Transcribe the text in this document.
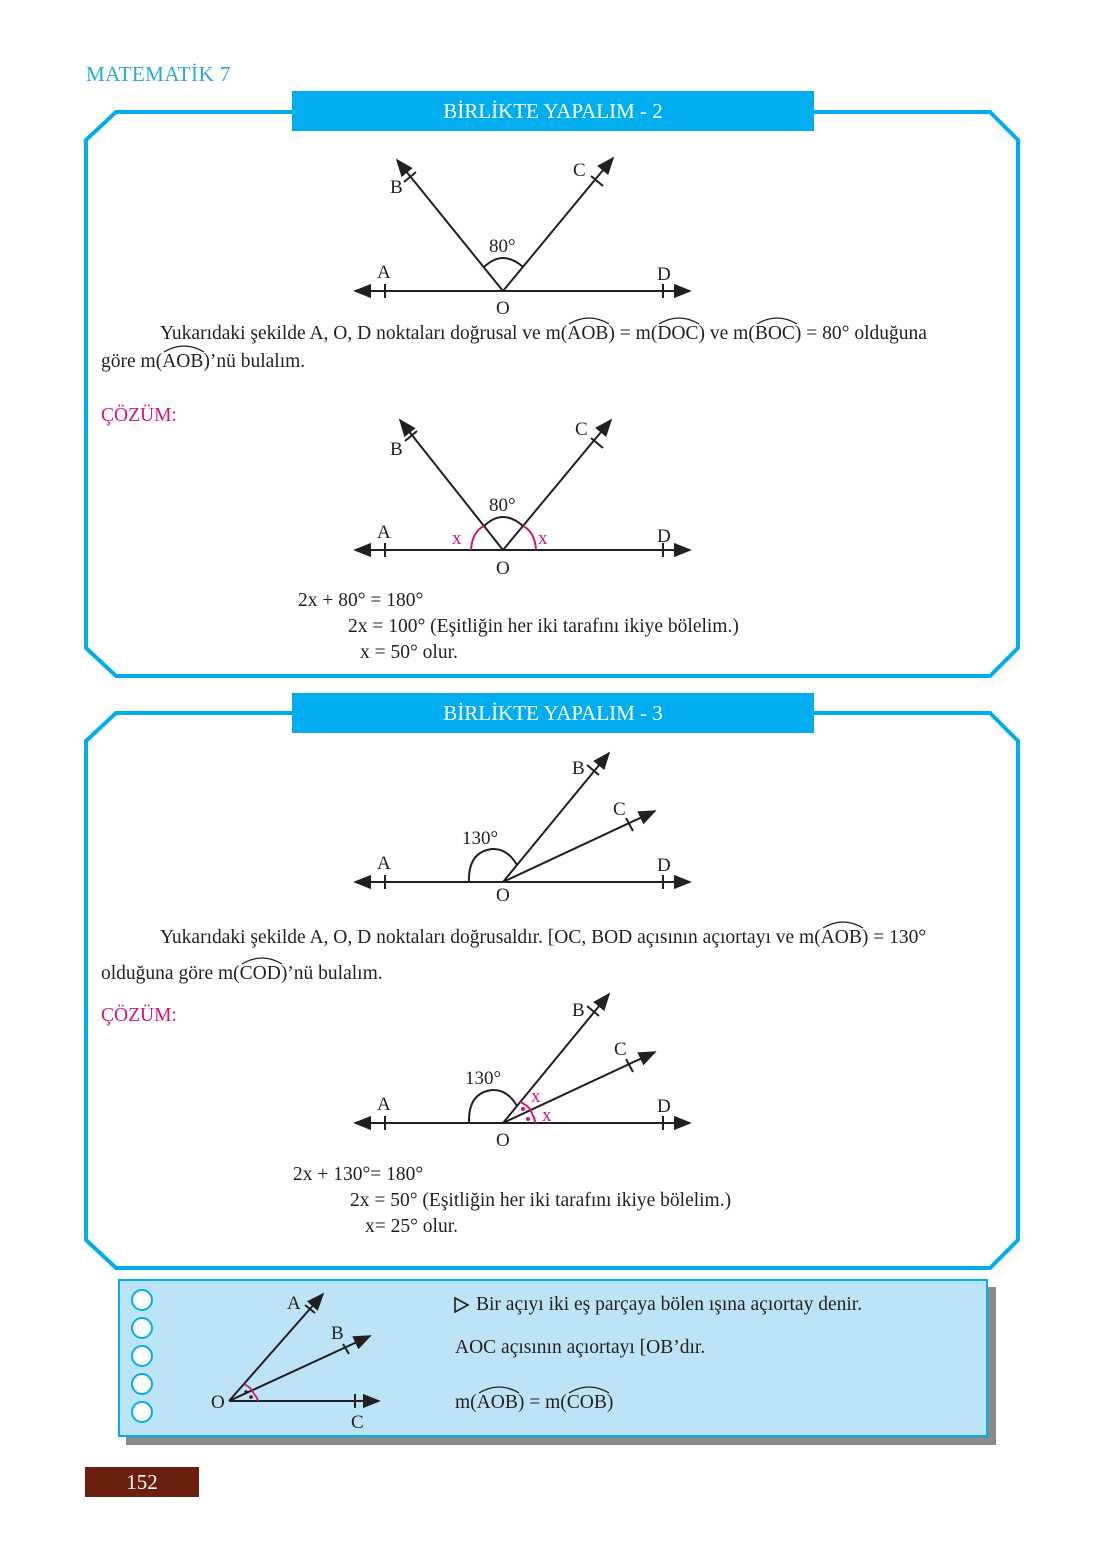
MATEMATİK 7
BİRLİKTE YAPALIM - 2
A	D
O
B
C
80°
A	D
O
B
C
80°
x	x
Yukarıdaki şekilde A, O, D noktaları doğrusal ve m(
AOB) = m(
DOC) ve m(
BOC) = 80° olduğuna
göre m(
AOB)’nü bulalım.
ÇÖZÜM:
2x + 80° = 180°
2x = 100° (Eşitliğin her iki tarafını ikiye bölelim.)
x = 50° olur.
BİRLİKTE YAPALIM - 3
A	D
O
B
C
130°
A	D
O
B
C
130°
x
x
Yukarıdaki şekilde A, O, D noktaları doğrusaldır. [OC, BOD açısının açıortayı ve m(
AOB) = 130°
olduğuna göre m(
COD)’nü bulalım.
ÇÖZÜM:
2x + 130°= 180°
2x = 50° (Eşitliğin her iki tarafını ikiye bölelim.)
x= 25° olur.
A
B
C
O
Bir açıyı iki eş parçaya bölen ışına açıortay denir.
AOC açısının açıortayı [OB’dır.
m(
AOB) = m(
COB)
152
